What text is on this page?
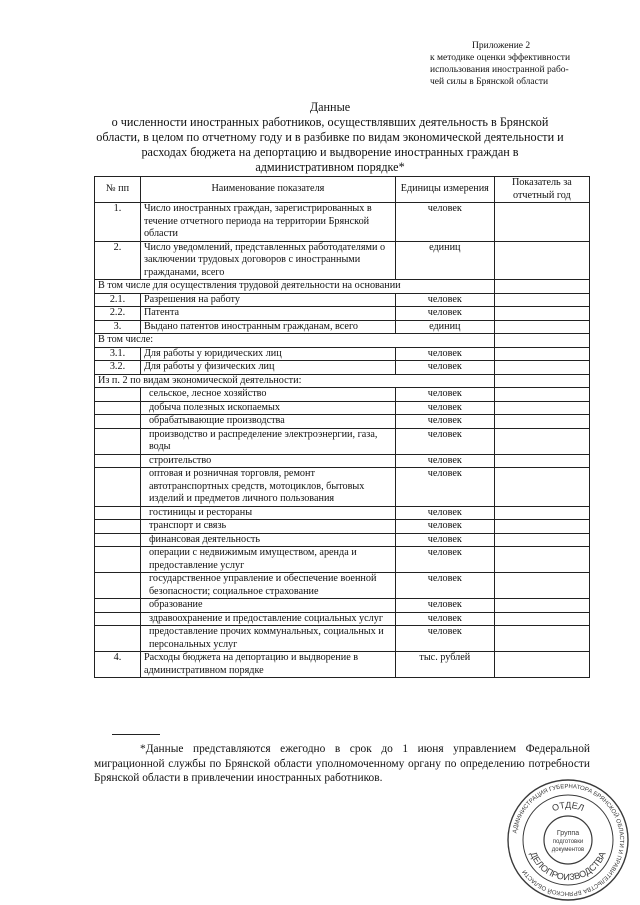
Приложение 2
к методике оценки эффективности
использования иностранной рабо-
чей силы в Брянской области
Данные
о численности иностранных работников, осуществлявших деятельность в Брянской
области, в целом по отчетному году и в разбивке по видам экономической деятельности и
расходах бюджета на депортацию и выдворение иностранных граждан в
административном порядке*
№ пп	Наименование показателя	Единицы измерения	Показатель за отчетный год
1.	Число иностранных граждан, зарегистрированных в течение отчетного периода на территории Брянской области	человек	
2.	Число уведомлений, представленных работодателями о заключении трудовых договоров с иностранными гражданами, всего	единиц	
В том числе для осуществления трудовой деятельности на основании			
2.1.	Разрешения на работу	человек	
2.2.	Патента	человек	
3.	Выдано патентов иностранным гражданам, всего	единиц	
В том числе:			
3.1.	Для работы у юридических лиц	человек	
3.2.	Для работы у физических лиц	человек	
Из п. 2 по видам экономической деятельности:			
	сельское, лесное хозяйство	человек	
	добыча полезных ископаемых	человек	
	обрабатывающие производства	человек	
	производство и распределение электроэнергии, газа, воды	человек	
	строительство	человек	
	оптовая и розничная торговля, ремонт автотранспортных средств, мотоциклов, бытовых изделий и предметов личного пользования	человек	
	гостиницы и рестораны	человек	
	транспорт и связь	человек	
	финансовая деятельность	человек	
	операции с недвижимым имуществом, аренда и предоставление услуг	человек	
	государственное управление и обеспечение военной безопасности; социальное страхование	человек	
	образование	человек	
	здравоохранение и предоставление социальных услуг	человек	
	предоставление прочих коммунальных, социальных и персональных услуг	человек	
4.	Расходы бюджета на депортацию и выдворение в административном порядке	тыс. рублей	

*Данные представляются ежегодно в срок до 1 июня управлением Федеральной миграционной службы по Брянской области уполномоченному органу по определению потребности Брянской области в привлечении иностранных работников.

АДМИНИСТРАЦИЯ ГУБЕРНАТОРА БРЯНСКОЙ ОБЛАСТИ И ПРАВИТЕЛЬСТВА БРЯНСКОЙ ОБЛАСТИ
ОТДЕЛ
ДЕЛОПРОИЗВОДСТВА
Группа
подготовки
документов
